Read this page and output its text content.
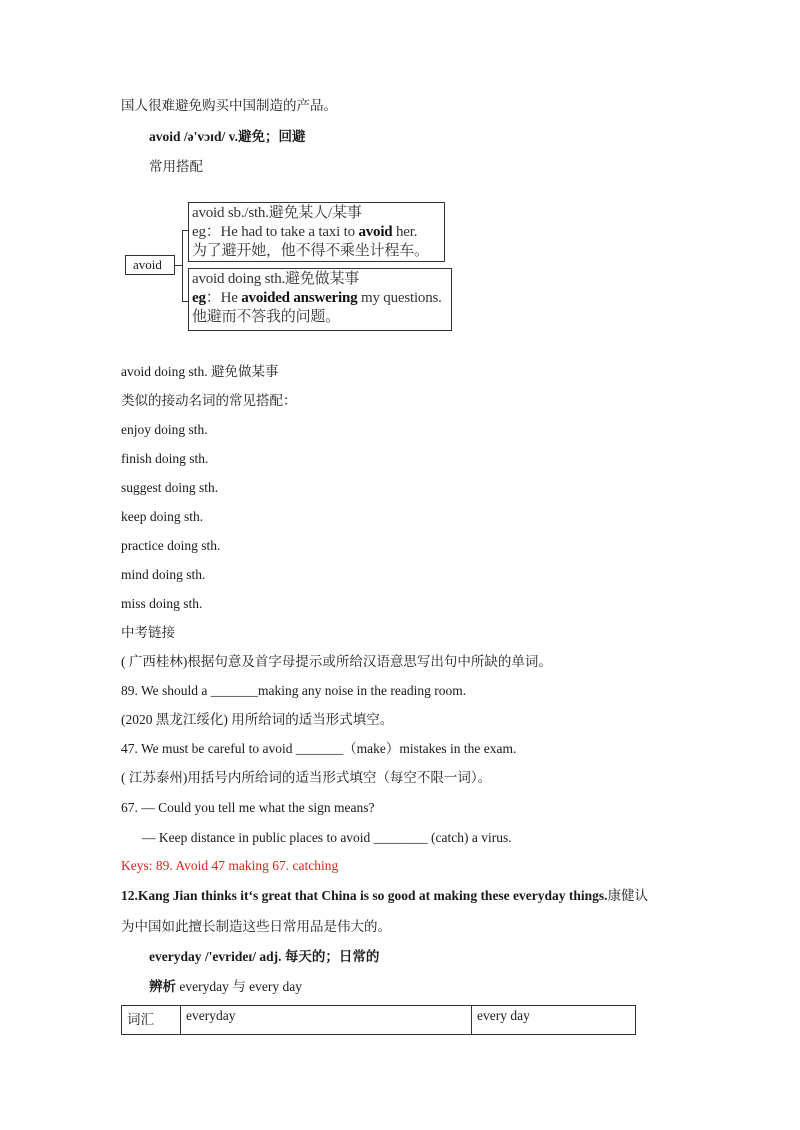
国人很难避免购买中国制造的产品。
avoid /ə'vɔɪd/ v.避免；回避
常用搭配
avoid
avoid sb./sth.避免某人/某事
eg：He had to take a taxi to avoid her.
为了避开她，他不得不乘坐计程车。
avoid doing sth.避免做某事
eg：He avoided answering my questions.
他避而不答我的问题。
avoid doing sth. 避免做某事
类似的接动名词的常见搭配：
enjoy doing sth.
finish doing sth.
suggest doing sth.
keep doing sth.
practice doing sth.
mind doing sth.
miss doing sth.
中考链接
( 广西桂林)根据句意及首字母提示或所给汉语意思写出句中所缺的单词。
89. We should a _______making any noise in the reading room.
(2020 黑龙江绥化) 用所给词的适当形式填空。
47. We must be careful to avoid _______（make）mistakes in the exam.
( 江苏泰州)用括号内所给词的适当形式填空（每空不限一词）。
67. — Could you tell me what the sign means?
— Keep distance in public places to avoid ________ (catch) a virus.
Keys: 89. Avoid 47 making 67. catching
12.Kang Jian thinks it‘s great that China is so good at making these everyday things.康健认
为中国如此擅长制造这些日常用品是伟大的。
everyday /'evrideɪ/ adj. 每天的；日常的
辨析 everyday 与 every day
词汇	everyday	every day
